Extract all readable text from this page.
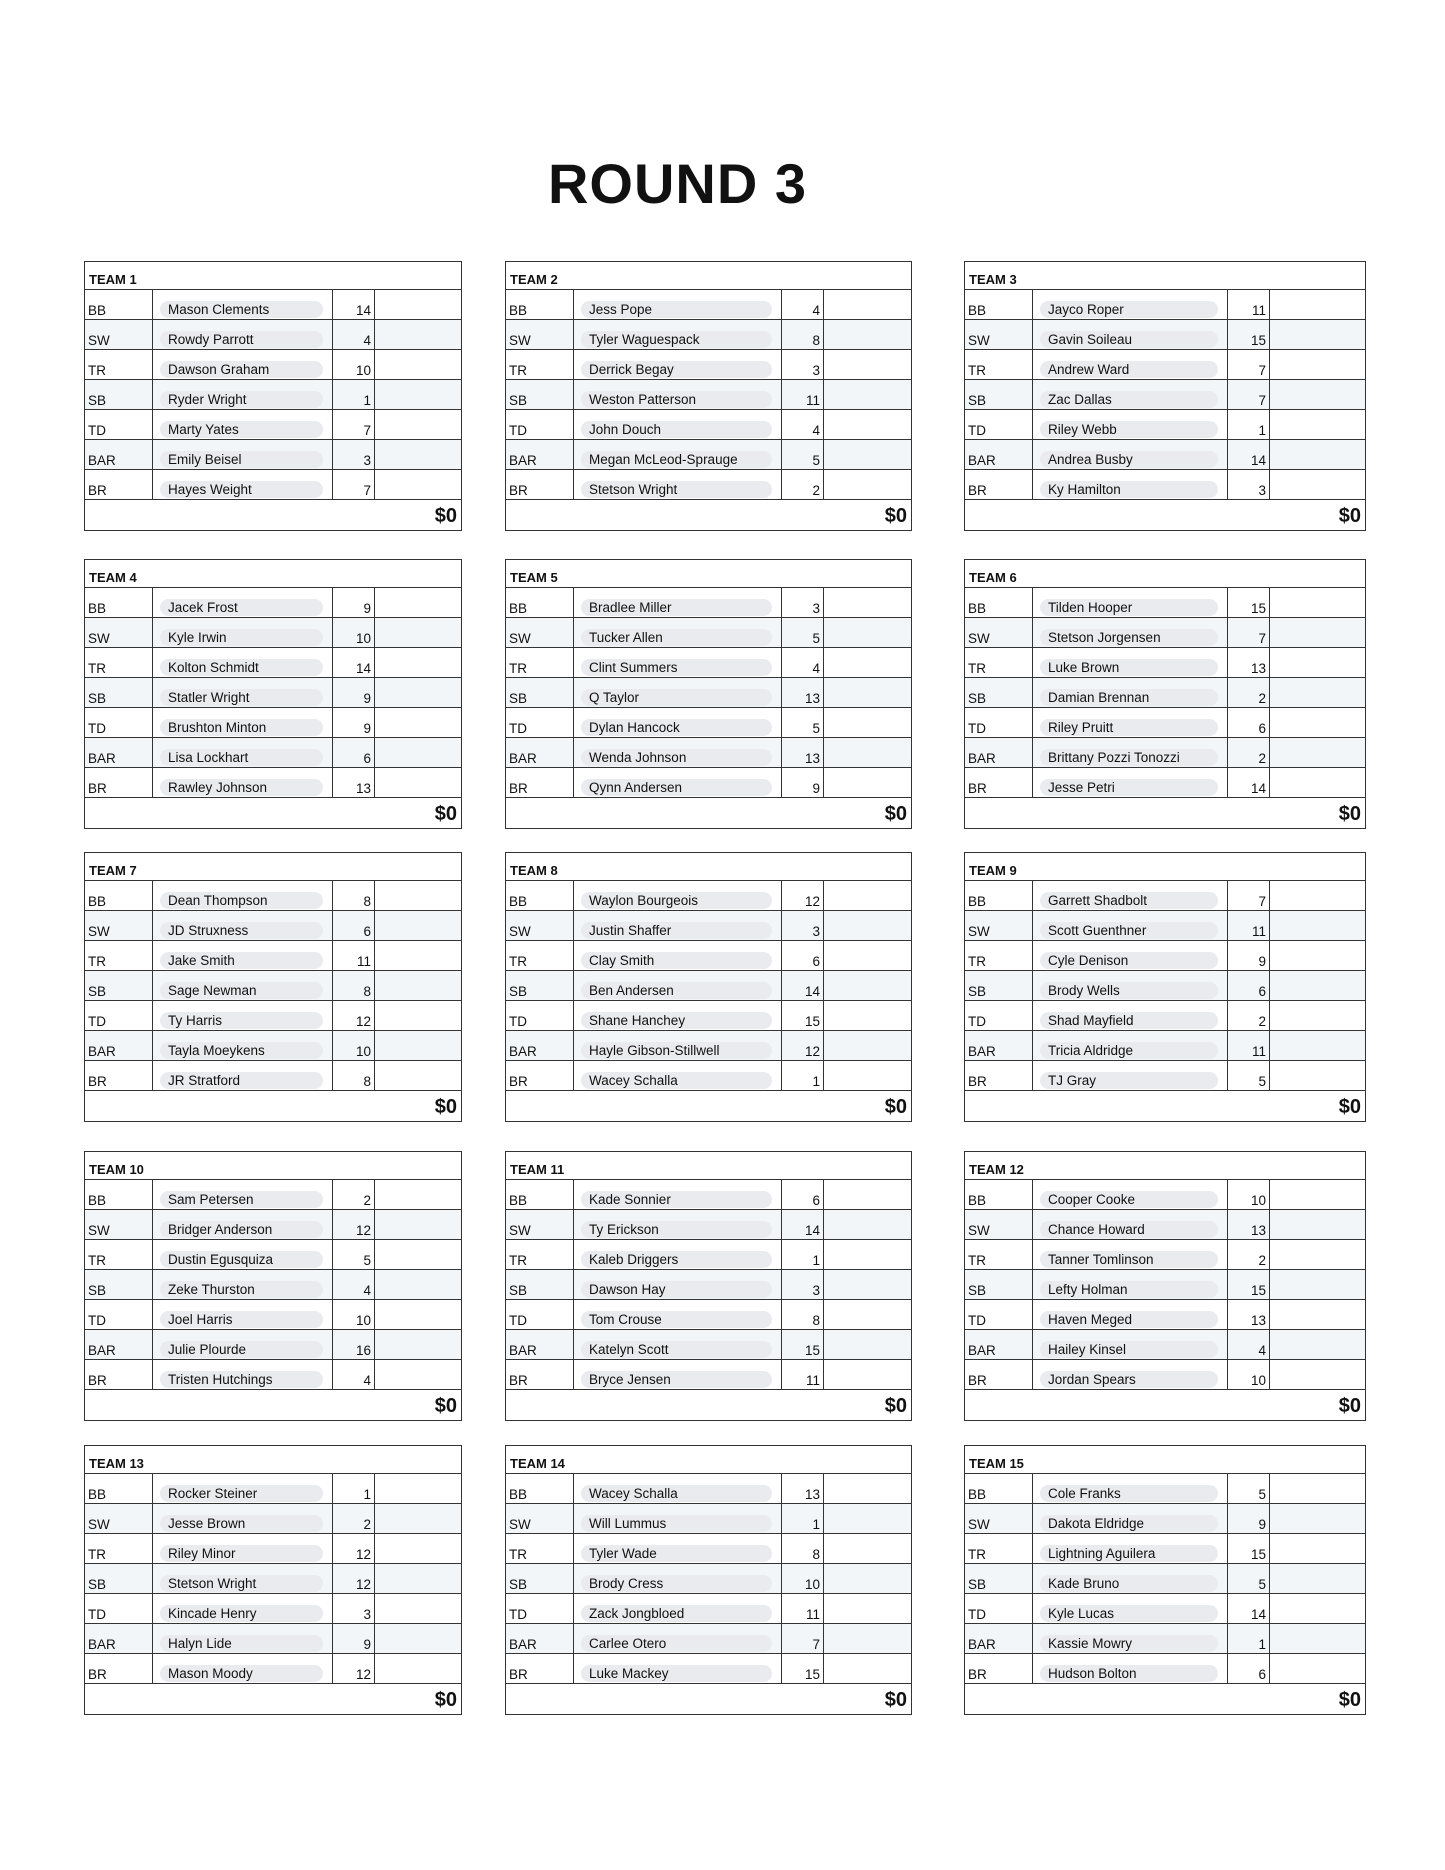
ROUND 3
TEAM 1
BB	Mason Clements	14
SW	Rowdy Parrott	4
TR	Dawson Graham	10
SB	Ryder Wright	1
TD	Marty Yates	7
BAR	Emily Beisel	3
BR	Hayes Weight	7
$0
TEAM 2
BB	Jess Pope	4
SW	Tyler Waguespack	8
TR	Derrick Begay	3
SB	Weston Patterson	11
TD	John Douch	4
BAR	Megan McLeod-Sprauge	5
BR	Stetson Wright	2
$0
TEAM 3
BB	Jayco Roper	11
SW	Gavin Soileau	15
TR	Andrew Ward	7
SB	Zac Dallas	7
TD	Riley Webb	1
BAR	Andrea Busby	14
BR	Ky Hamilton	3
$0
TEAM 4
BB	Jacek Frost	9
SW	Kyle Irwin	10
TR	Kolton Schmidt	14
SB	Statler Wright	9
TD	Brushton Minton	9
BAR	Lisa Lockhart	6
BR	Rawley Johnson	13
$0
TEAM 5
BB	Bradlee Miller	3
SW	Tucker Allen	5
TR	Clint Summers	4
SB	Q Taylor	13
TD	Dylan Hancock	5
BAR	Wenda Johnson	13
BR	Qynn Andersen	9
$0
TEAM 6
BB	Tilden Hooper	15
SW	Stetson Jorgensen	7
TR	Luke Brown	13
SB	Damian Brennan	2
TD	Riley Pruitt	6
BAR	Brittany Pozzi Tonozzi	2
BR	Jesse Petri	14
$0
TEAM 7
BB	Dean Thompson	8
SW	JD Struxness	6
TR	Jake Smith	11
SB	Sage Newman	8
TD	Ty Harris	12
BAR	Tayla Moeykens	10
BR	JR Stratford	8
$0
TEAM 8
BB	Waylon Bourgeois	12
SW	Justin Shaffer	3
TR	Clay Smith	6
SB	Ben Andersen	14
TD	Shane Hanchey	15
BAR	Hayle Gibson-Stillwell	12
BR	Wacey Schalla	1
$0
TEAM 9
BB	Garrett Shadbolt	7
SW	Scott Guenthner	11
TR	Cyle Denison	9
SB	Brody Wells	6
TD	Shad Mayfield	2
BAR	Tricia Aldridge	11
BR	TJ Gray	5
$0
TEAM 10
BB	Sam Petersen	2
SW	Bridger Anderson	12
TR	Dustin Egusquiza	5
SB	Zeke Thurston	4
TD	Joel Harris	10
BAR	Julie Plourde	16
BR	Tristen Hutchings	4
$0
TEAM 11
BB	Kade Sonnier	6
SW	Ty Erickson	14
TR	Kaleb Driggers	1
SB	Dawson Hay	3
TD	Tom Crouse	8
BAR	Katelyn Scott	15
BR	Bryce Jensen	11
$0
TEAM 12
BB	Cooper Cooke	10
SW	Chance Howard	13
TR	Tanner Tomlinson	2
SB	Lefty Holman	15
TD	Haven Meged	13
BAR	Hailey Kinsel	4
BR	Jordan Spears	10
$0
TEAM 13
BB	Rocker Steiner	1
SW	Jesse Brown	2
TR	Riley Minor	12
SB	Stetson Wright	12
TD	Kincade Henry	3
BAR	Halyn Lide	9
BR	Mason Moody	12
$0
TEAM 14
BB	Wacey Schalla	13
SW	Will Lummus	1
TR	Tyler Wade	8
SB	Brody Cress	10
TD	Zack Jongbloed	11
BAR	Carlee Otero	7
BR	Luke Mackey	15
$0
TEAM 15
BB	Cole Franks	5
SW	Dakota Eldridge	9
TR	Lightning Aguilera	15
SB	Kade Bruno	5
TD	Kyle Lucas	14
BAR	Kassie Mowry	1
BR	Hudson Bolton	6
$0
